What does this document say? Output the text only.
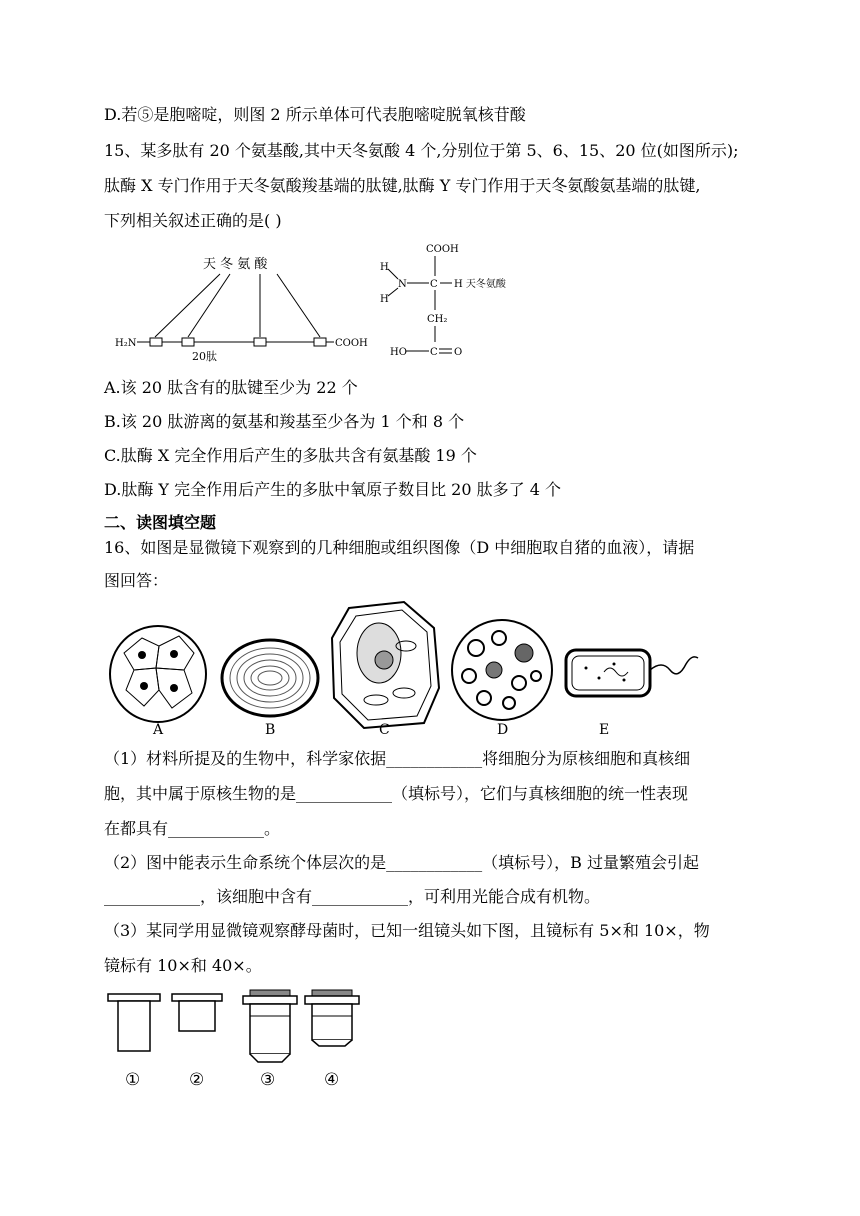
D.若⑤是胞嘧啶，则图 2 所示单体可代表胞嘧啶脱氧核苷酸
15、某多肽有 20 个氨基酸,其中天冬氨酸 4 个,分别位于第 5、6、15、20 位(如图所示);
肽酶 X 专门作用于天冬氨酸羧基端的肽键,肽酶 Y 专门作用于天冬氨酸氨基端的肽键,
下列相关叙述正确的是( )
天 冬 氨 酸
H₂N	COOH
20肽
COOH
H
H
N C H 天冬氨酸
CH₂
HO C O
A.该 20 肽含有的肽键至少为 22 个
B.该 20 肽游离的氨基和羧基至少各为 1 个和 8 个
C.肽酶 X 完全作用后产生的多肽共含有氨基酸 19 个
D.肽酶 Y 完全作用后产生的多肽中氧原子数目比 20 肽多了 4 个
二、读图填空题
16、如图是显微镜下观察到的几种细胞或组织图像（D 中细胞取自猪的血液），请据
图回答：
A	B	C	D	E
（1）材料所提及的生物中，科学家依据____________将细胞分为原核细胞和真核细
胞，其中属于原核生物的是____________（填标号），它们与真核细胞的统一性表现
在都具有____________。
（2）图中能表示生命系统个体层次的是____________（填标号），B 过量繁殖会引起
____________，该细胞中含有____________，可利用光能合成有机物。
（3）某同学用显微镜观察酵母菌时，已知一组镜头如下图，且镜标有 5×和 10×，物
镜标有 10×和 40×。
①	②	③	④
